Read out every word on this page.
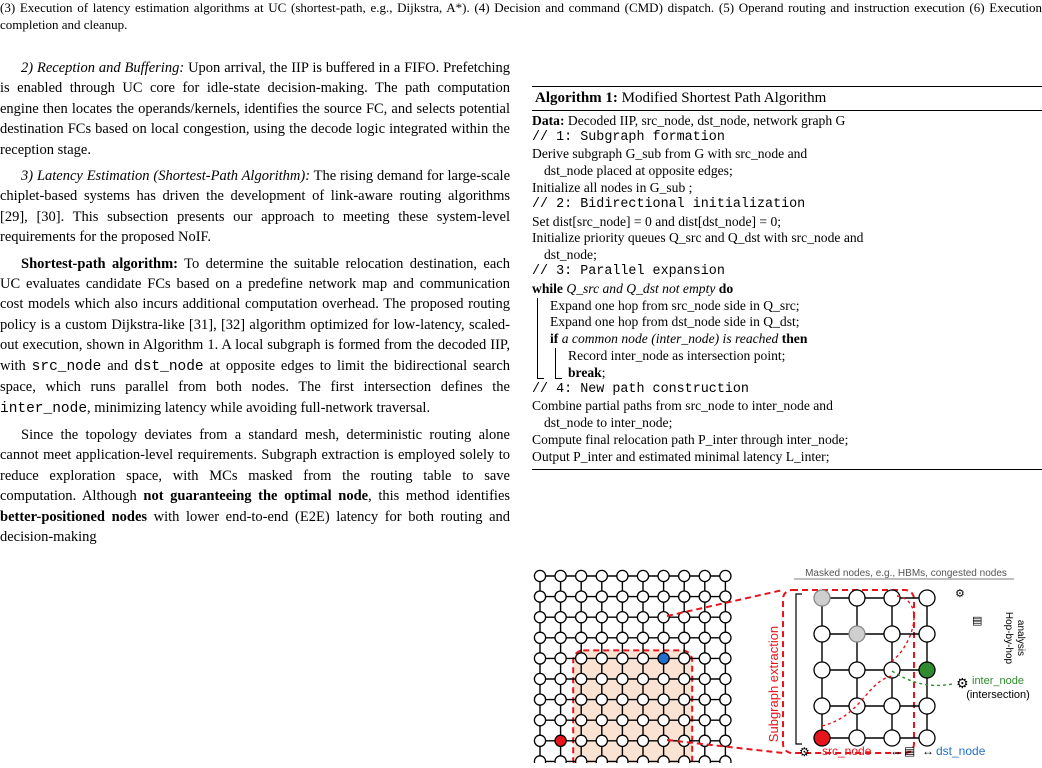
(3) Execution of latency estimation algorithms at UC (shortest-path, e.g., Dijkstra, A*). (4) Decision and command (CMD) dispatch. (5) Operand routing and instruction execution (6) Execution completion and cleanup.

2) Reception and Buffering: Upon arrival, the IIP is buffered in a FIFO. Prefetching is enabled through UC core for idle-state decision-making. The path computation engine then locates the operands/kernels, identifies the source FC, and selects potential destination FCs based on local congestion, using the decode logic integrated within the reception stage.

3) Latency Estimation (Shortest-Path Algorithm): The rising demand for large-scale chiplet-based systems has driven the development of link-aware routing algorithms [29], [30]. This subsection presents our approach to meeting these system-level requirements for the proposed NoIF.

Shortest-path algorithm: To determine the suitable relocation destination, each UC evaluates candidate FCs based on a predefine network map and communication cost models which also incurs additional computation overhead. The proposed routing policy is a custom Dijkstra-like [31], [32] algorithm optimized for low-latency, scaled-out execution, shown in Algorithm 1. A local subgraph is formed from the decoded IIP, with src_node and dst_node at opposite edges to limit the bidirectional search space, which runs parallel from both nodes. The first intersection defines the inter_node, minimizing latency while avoiding full-network traversal.

Since the topology deviates from a standard mesh, deterministic routing alone cannot meet application-level requirements. Subgraph extraction is employed solely to reduce exploration space, with MCs masked from the routing table to save computation. Although not guaranteeing the optimal node, this method identifies better-positioned nodes with lower end-to-end (E2E) latency for both routing and decision-making

Algorithm 1: Modified Shortest Path Algorithm
Data: Decoded IIP, src_node, dst_node, network graph G
// 1: Subgraph formation
Derive subgraph G_sub from G with src_node and
dst_node placed at opposite edges;
Initialize all nodes in G_sub ;
// 2: Bidirectional initialization
Set dist[src_node] = 0 and dist[dst_node] = 0;
Initialize priority queues Q_src and Q_dst with src_node and
dst_node;
// 3: Parallel expansion
while Q_src and Q_dst not empty do
Expand one hop from src_node side in Q_src;
Expand one hop from dst_node side in Q_dst;
if a common node (inter_node) is reached then
Record inter_node as intersection point;
break;
// 4: New path construction
Combine partial paths from src_node to inter_node and
dst_node to inter_node;
Compute final relocation path P_inter through inter_node;
Output P_inter and estimated minimal latency L_inter;
Subgraph extraction
Masked nodes, e.g., HBMs, congested nodes
⚙
▤ Hop-by-hop analysis
⚙ inter_node
(intersection)
⚙ src_node ↔ ▤ ↔ dst_node
